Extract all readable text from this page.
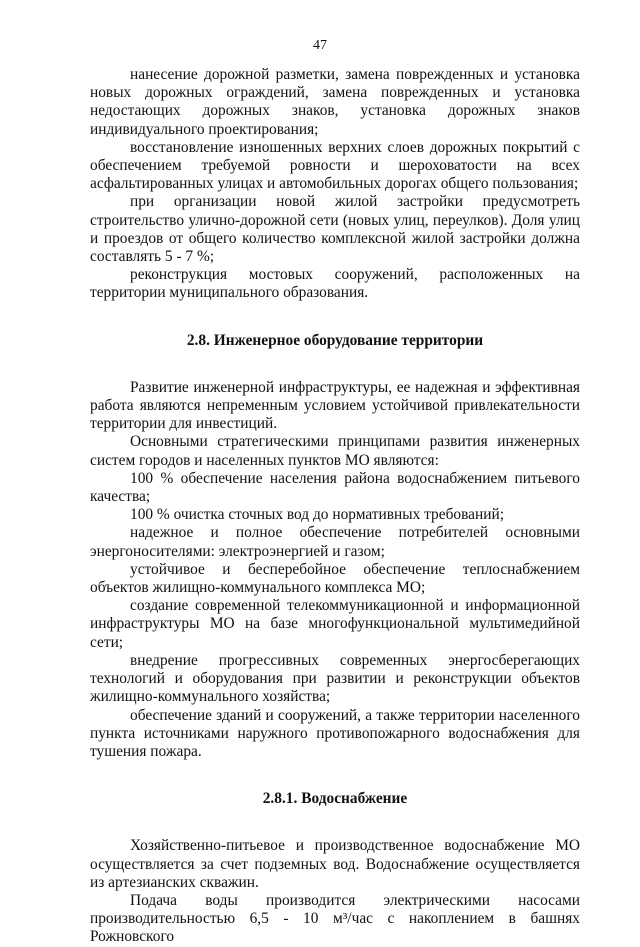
47

нанесение дорожной разметки, замена поврежденных и установка новых дорожных ограждений, замена поврежденных и установка недостающих дорожных знаков, установка дорожных знаков индивидуального проектирования;

восстановление изношенных верхних слоев дорожных покрытий с обеспечением требуемой ровности и шероховатости на всех асфальтированных улицах и автомобильных дорогах общего пользования;

при организации новой жилой застройки предусмотреть строительство улично-дорожной сети (новых улиц, переулков). Доля улиц и проездов от общего количество комплексной жилой застройки должна составлять 5 - 7 %;

реконструкция мостовых сооружений, расположенных на территории муниципального образования.

2.8. Инженерное оборудование территории

Развитие инженерной инфраструктуры, ее надежная и эффективная работа являются непременным условием устойчивой привлекательности территории для инвестиций.

Основными стратегическими принципами развития инженерных систем городов и населенных пунктов МО являются:

100 % обеспечение населения района водоснабжением питьевого качества;

100 % очистка сточных вод до нормативных требований;

надежное и полное обеспечение потребителей основными энергоносителями: электроэнергией и газом;

устойчивое и бесперебойное обеспечение теплоснабжением объектов жилищно-коммунального комплекса МО;

создание современной телекоммуникационной и информационной инфраструктуры МО на базе многофункциональной мультимедийной сети;

внедрение прогрессивных современных энергосберегающих технологий и оборудования при развитии и реконструкции объектов жилищно-коммунального хозяйства;

обеспечение зданий и сооружений, а также территории населенного пункта источниками наружного противопожарного водоснабжения для тушения пожара.

2.8.1. Водоснабжение

Хозяйственно-питьевое и производственное водоснабжение МО осуществляется за счет подземных вод. Водоснабжение осуществляется из артезианских скважин.

Подача воды производится электрическими насосами производительностью 6,5 - 10 м³/час с накоплением в башнях Рожновского
